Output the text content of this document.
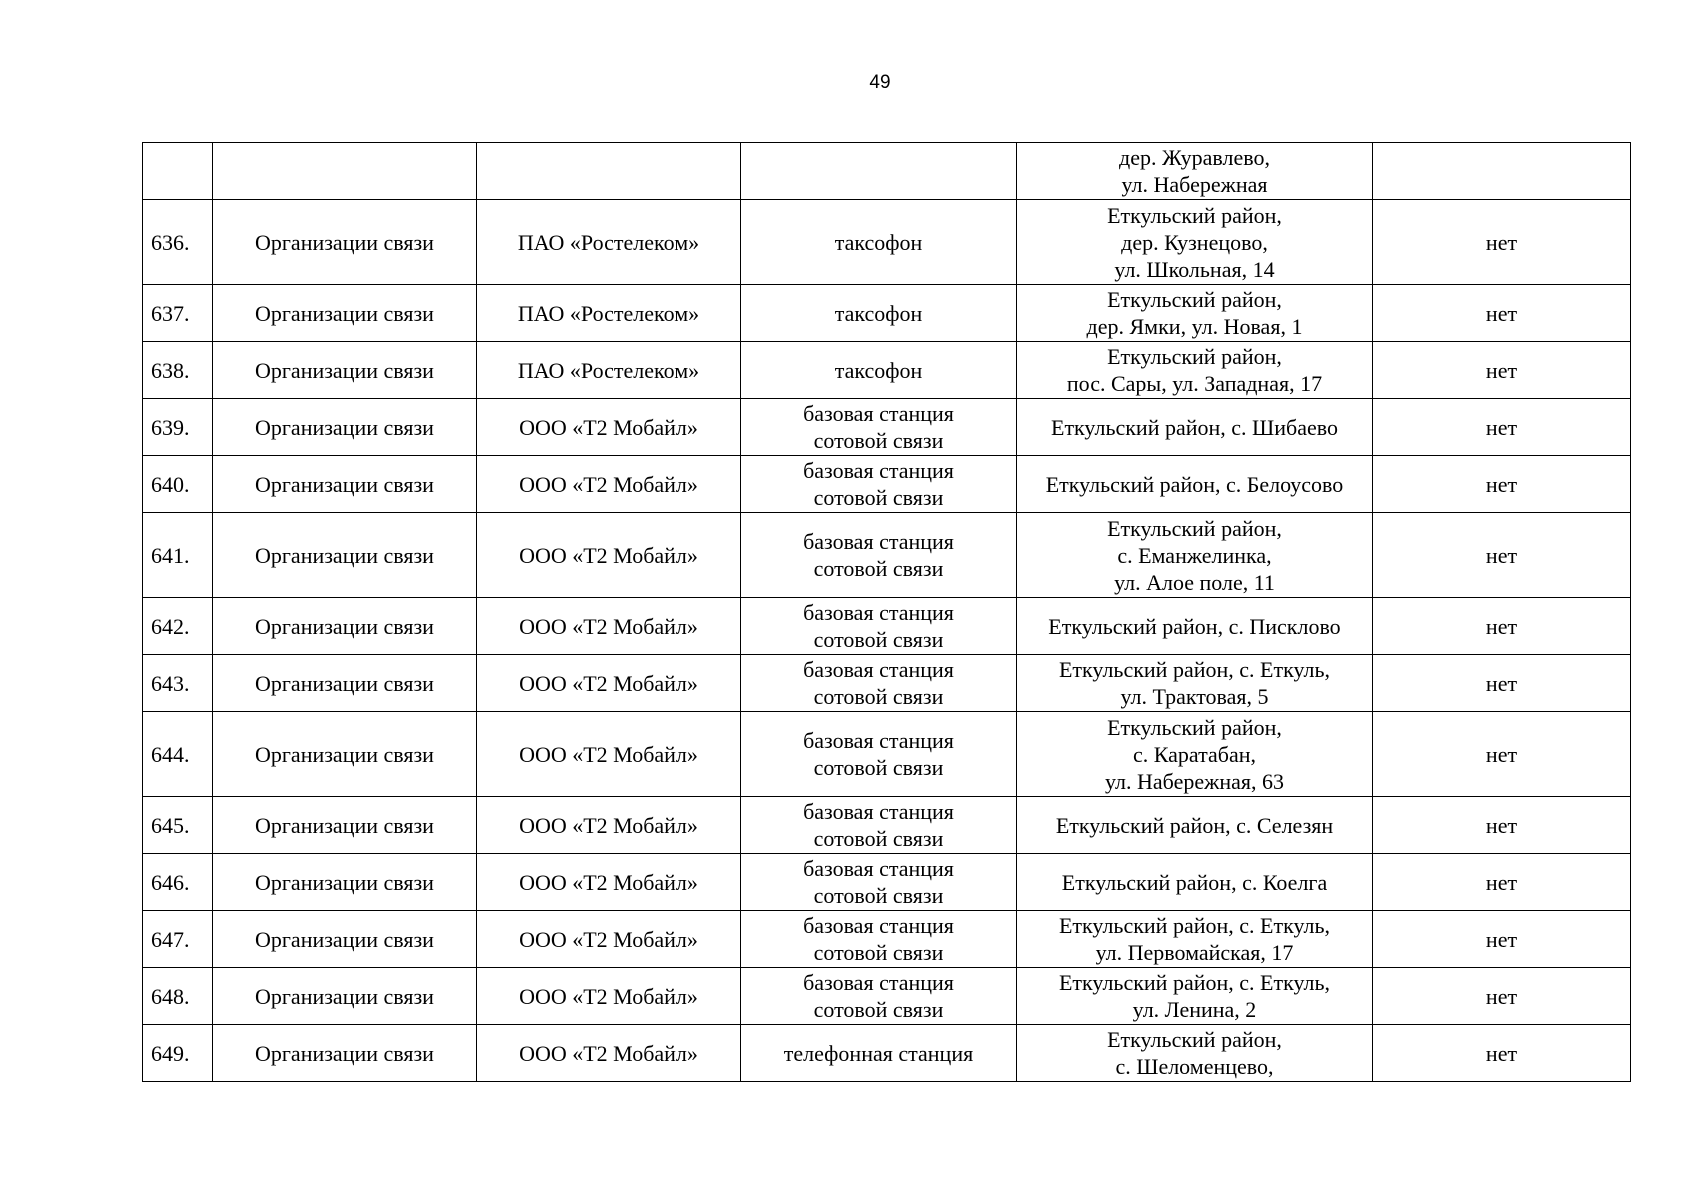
49

				дер. Журавлево,
ул. Набережная	

636.	Организации связи	ПАО «Ростелеком»	таксофон	Еткульский район,
дер. Кузнецово,
ул. Школьная, 14	нет
637.	Организации связи	ПАО «Ростелеком»	таксофон	Еткульский район,
дер. Ямки, ул. Новая, 1	нет
638.	Организации связи	ПАО «Ростелеком»	таксофон	Еткульский район,
пос. Сары, ул. Западная, 17	нет
639.	Организации связи	ООО «Т2 Мобайл»	базовая станция
сотовой связи	Еткульский район, с. Шибаево	нет
640.	Организации связи	ООО «Т2 Мобайл»	базовая станция
сотовой связи	Еткульский район, с. Белоусово	нет
641.	Организации связи	ООО «Т2 Мобайл»	базовая станция
сотовой связи	Еткульский район,
с. Еманжелинка,
ул. Алое поле, 11	нет
642.	Организации связи	ООО «Т2 Мобайл»	базовая станция
сотовой связи	Еткульский район, с. Писклово	нет
643.	Организации связи	ООО «Т2 Мобайл»	базовая станция
сотовой связи	Еткульский район, с. Еткуль,
ул. Трактовая, 5	нет
644.	Организации связи	ООО «Т2 Мобайл»	базовая станция
сотовой связи	Еткульский район,
с. Каратабан,
ул. Набережная, 63	нет
645.	Организации связи	ООО «Т2 Мобайл»	базовая станция
сотовой связи	Еткульский район, с. Селезян	нет
646.	Организации связи	ООО «Т2 Мобайл»	базовая станция
сотовой связи	Еткульский район, с. Коелга	нет
647.	Организации связи	ООО «Т2 Мобайл»	базовая станция
сотовой связи	Еткульский район, с. Еткуль,
ул. Первомайская, 17	нет
648.	Организации связи	ООО «Т2 Мобайл»	базовая станция
сотовой связи	Еткульский район, с. Еткуль,
ул. Ленина, 2	нет
649.	Организации связи	ООО «Т2 Мобайл»	телефонная станция	Еткульский район,
с. Шеломенцево,	нет
